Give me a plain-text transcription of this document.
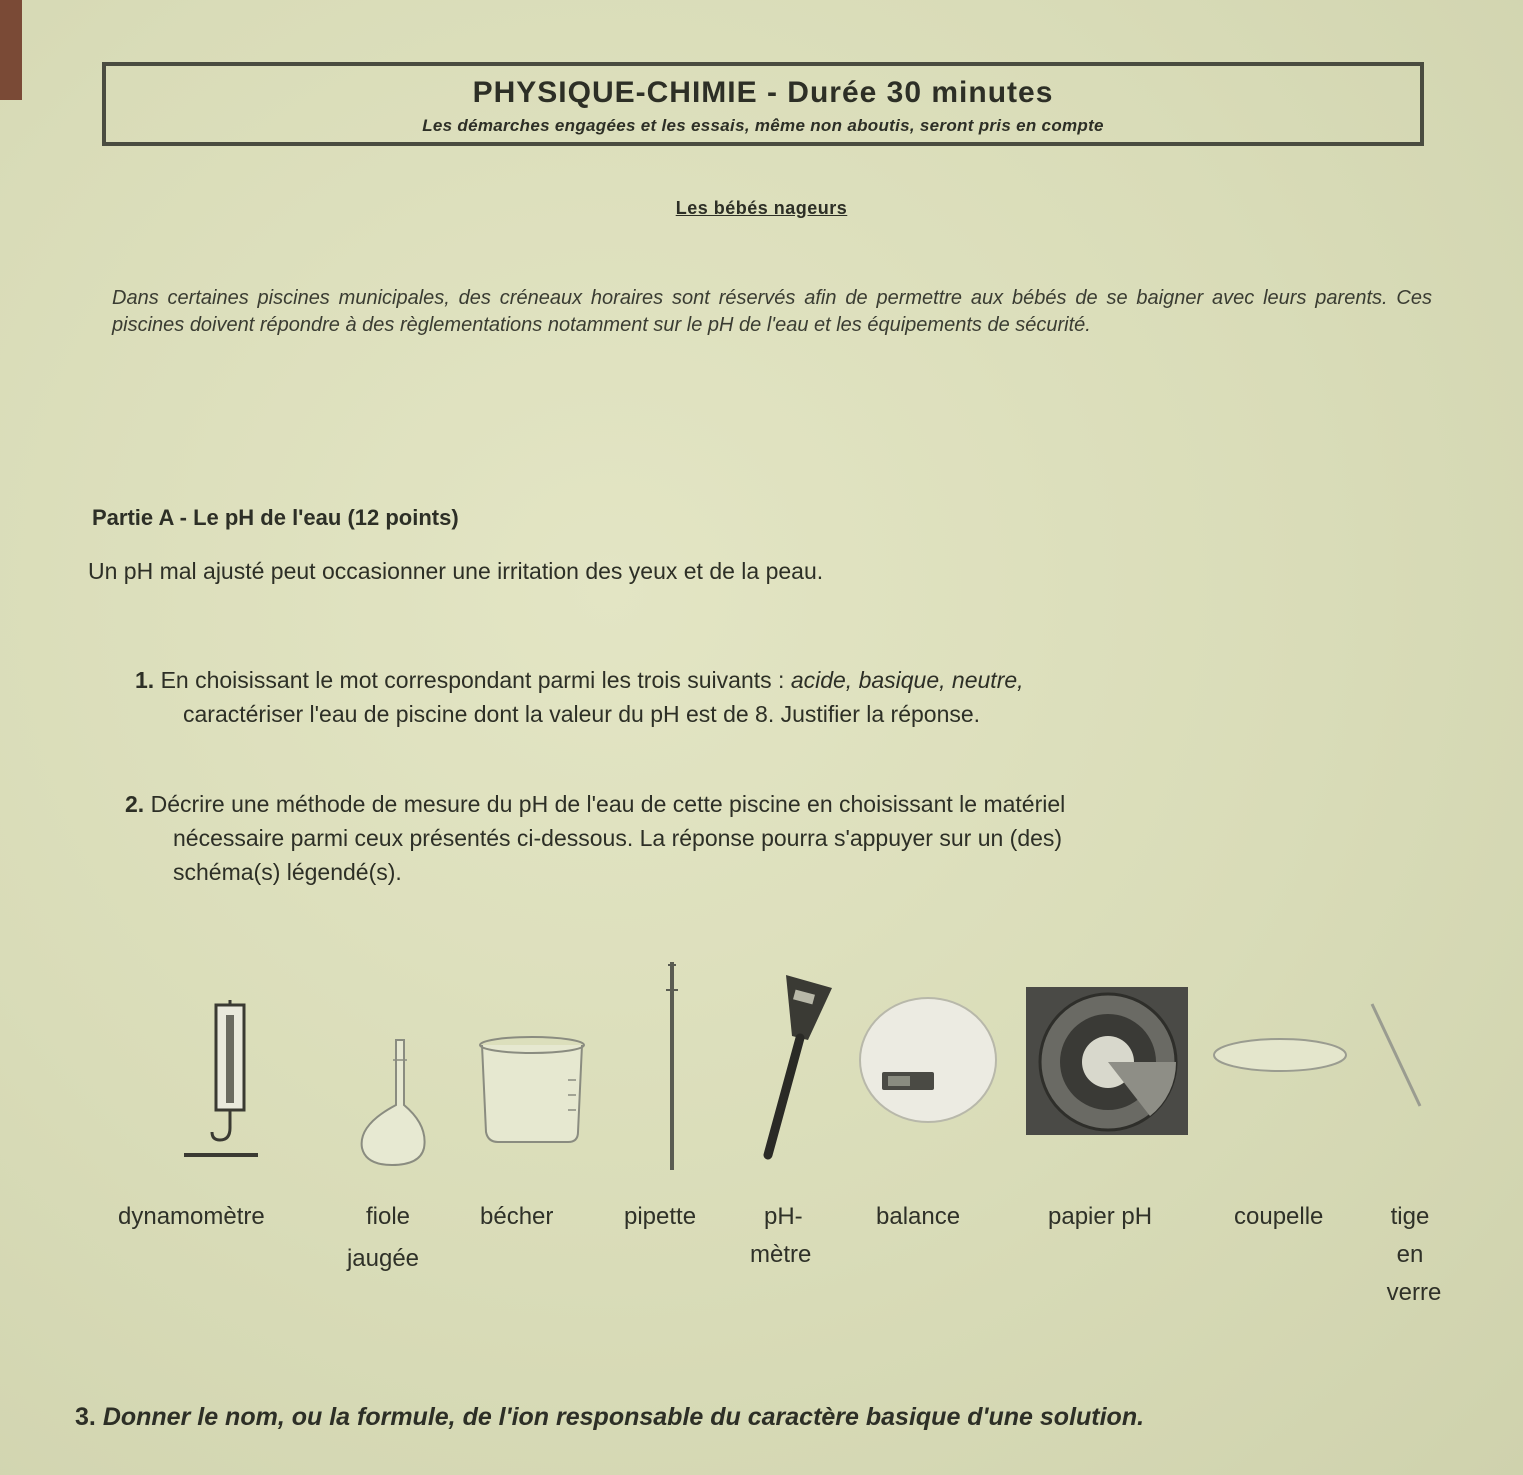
PHYSIQUE-CHIMIE - Durée 30 minutes
Les démarches engagées et les essais, même non aboutis, seront pris en compte
Les bébés nageurs
Dans certaines piscines municipales, des créneaux horaires sont réservés afin de permettre aux bébés de se baigner avec leurs parents. Ces piscines doivent répondre à des règlementations notamment sur le pH de l'eau et les équipements de sécurité.
Partie A - Le pH de l'eau (12 points)
Un pH mal ajusté peut occasionner une irritation des yeux et de la peau.
1. En choisissant le mot correspondant parmi les trois suivants : acide, basique, neutre,
caractériser l'eau de piscine dont la valeur du pH est de 8. Justifier la réponse.
2. Décrire une méthode de mesure du pH de l'eau de cette piscine en choisissant le matériel
nécessaire parmi ceux présentés ci-dessous. La réponse pourra s'appuyer sur un (des)
schéma(s) légendé(s).
dynamomètre	fiole
jaugée
bécher	pipette	pH-
mètre
balance	papier pH	coupelle	tige
en
verre
3. Donner le nom, ou la formule, de l'ion responsable du caractère basique d'une solution.
